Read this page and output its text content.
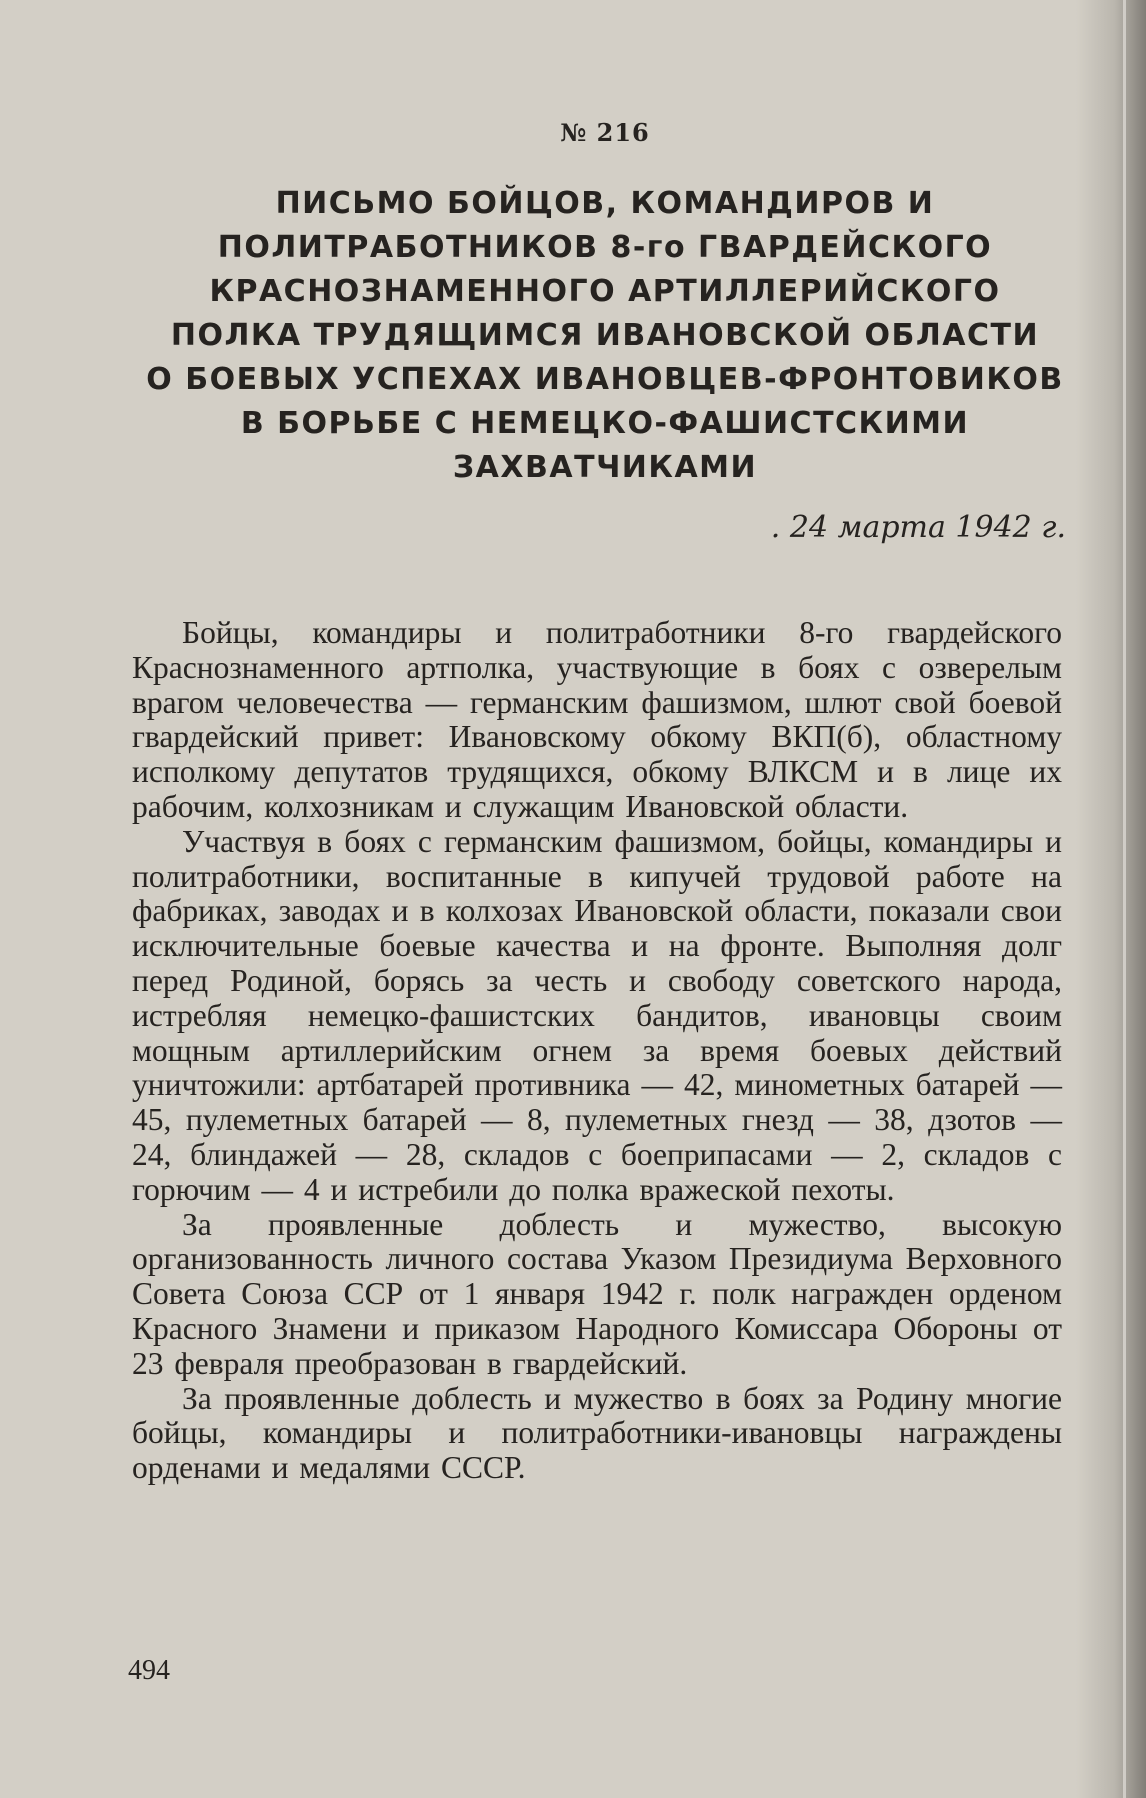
№ 216
ПИСЬМО БОЙЦОВ, КОМАНДИРОВ И
ПОЛИТРАБОТНИКОВ 8-го ГВАРДЕЙСКОГО
КРАСНОЗНАМЕННОГО АРТИЛЛЕРИЙСКОГО
ПОЛКА ТРУДЯЩИМСЯ ИВАНОВСКОЙ ОБЛАСТИ
О БОЕВЫХ УСПЕХАХ ИВАНОВЦЕВ-ФРОНТОВИКОВ
В БОРЬБЕ С НЕМЕЦКО-ФАШИСТСКИМИ
ЗАХВАТЧИКАМИ
. 24 марта 1942 г.

Бойцы, командиры и политработники 8-го гвардейского Краснознаменного артполка, участвующие в боях с озверелым врагом человечества — германским фашизмом, шлют свой боевой гвардейский привет: Ивановскому обкому ВКП(б), областному исполкому депутатов трудящихся, обкому ВЛКСМ и в лице их рабочим, колхозникам и служащим Ивановской области.

Участвуя в боях с германским фашизмом, бойцы, командиры и политработники, воспитанные в кипучей трудовой работе на фабриках, заводах и в колхозах Ивановской области, показали свои исключительные боевые качества и на фронте. Выполняя долг перед Родиной, борясь за честь и свободу советского народа, истребляя немецко-фашистских бандитов, ивановцы своим мощным артиллерийским огнем за время боевых действий уничтожили: артбатарей противника — 42, минометных батарей — 45, пулеметных батарей — 8, пулеметных гнезд — 38, дзотов — 24, блиндажей — 28, складов с боеприпасами — 2, складов с горючим — 4 и истребили до полка вражеской пехоты.

За проявленные доблесть и мужество, высокую организованность личного состава Указом Президиума Верховного Совета Союза ССР от 1 января 1942 г. полк награжден орденом Красного Знамени и приказом Народного Комиссара Обороны от 23 февраля преобразован в гвардейский.

За проявленные доблесть и мужество в боях за Родину многие бойцы, командиры и политработники-ивановцы награждены орденами и медалями СССР.

494
